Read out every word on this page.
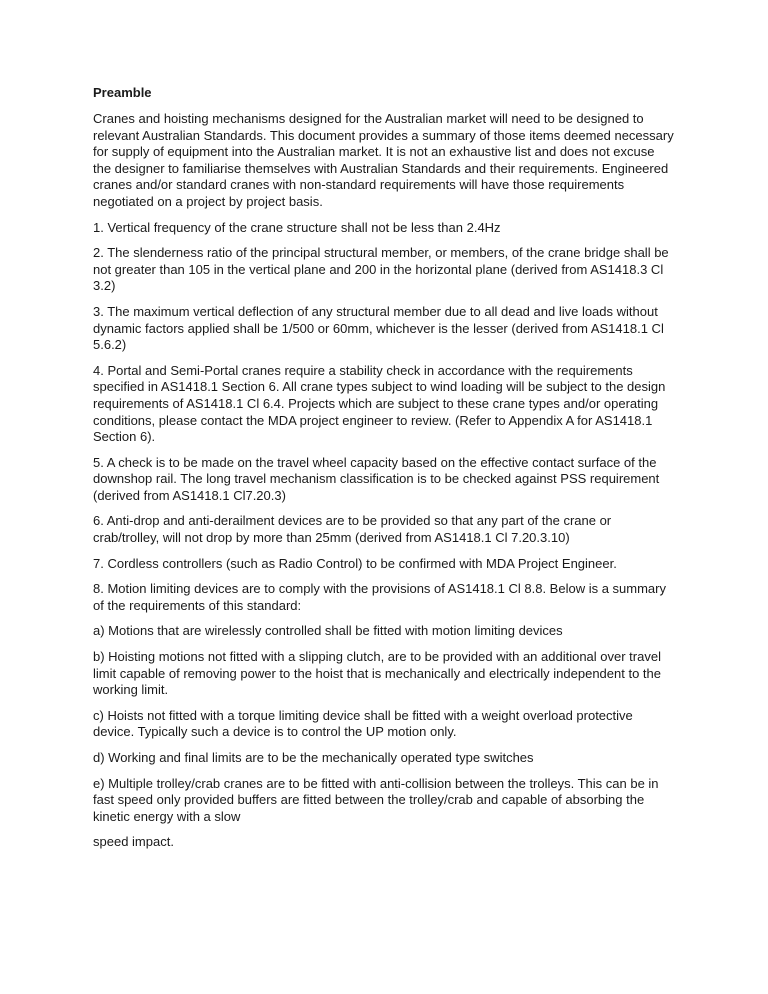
Preamble

Cranes and hoisting mechanisms designed for the Australian market will need to be designed to relevant Australian Standards. This document provides a summary of those items deemed necessary for supply of equipment into the Australian market. It is not an exhaustive list and does not excuse the designer to familiarise themselves with Australian Standards and their requirements. Engineered cranes and/or standard cranes with non-standard requirements will have those requirements negotiated on a project by project basis.

1. Vertical frequency of the crane structure shall not be less than 2.4Hz

2. The slenderness ratio of the principal structural member, or members, of the crane bridge shall be not greater than 105 in the vertical plane and 200 in the horizontal plane (derived from AS1418.3 Cl 3.2)

3. The maximum vertical deflection of any structural member due to all dead and live loads without dynamic factors applied shall be 1/500 or 60mm, whichever is the lesser (derived from AS1418.1 Cl 5.6.2)

4. Portal and Semi-Portal cranes require a stability check in accordance with the requirements specified in AS1418.1 Section 6. All crane types subject to wind loading will be subject to the design requirements of AS1418.1 Cl 6.4. Projects which are subject to these crane types and/or operating conditions, please contact the MDA project engineer to review. (Refer to Appendix A for AS1418.1 Section 6).

5. A check is to be made on the travel wheel capacity based on the effective contact surface of the downshop rail. The long travel mechanism classification is to be checked against PSS requirement (derived from AS1418.1 Cl7.20.3)

6. Anti-drop and anti-derailment devices are to be provided so that any part of the crane or crab/trolley, will not drop by more than 25mm (derived from AS1418.1 Cl 7.20.3.10)

7. Cordless controllers (such as Radio Control) to be confirmed with MDA Project Engineer.

8. Motion limiting devices are to comply with the provisions of AS1418.1 Cl 8.8. Below is a summary of the requirements of this standard:

a) Motions that are wirelessly controlled shall be fitted with motion limiting devices

b) Hoisting motions not fitted with a slipping clutch, are to be provided with an additional over travel limit capable of removing power to the hoist that is mechanically and electrically independent to the working limit.

c) Hoists not fitted with a torque limiting device shall be fitted with a weight overload protective device. Typically such a device is to control the UP motion only.

d) Working and final limits are to be the mechanically operated type switches

e) Multiple trolley/crab cranes are to be fitted with anti-collision between the trolleys. This can be in fast speed only provided buffers are fitted between the trolley/crab and capable of absorbing the kinetic energy with a slow

speed impact.
